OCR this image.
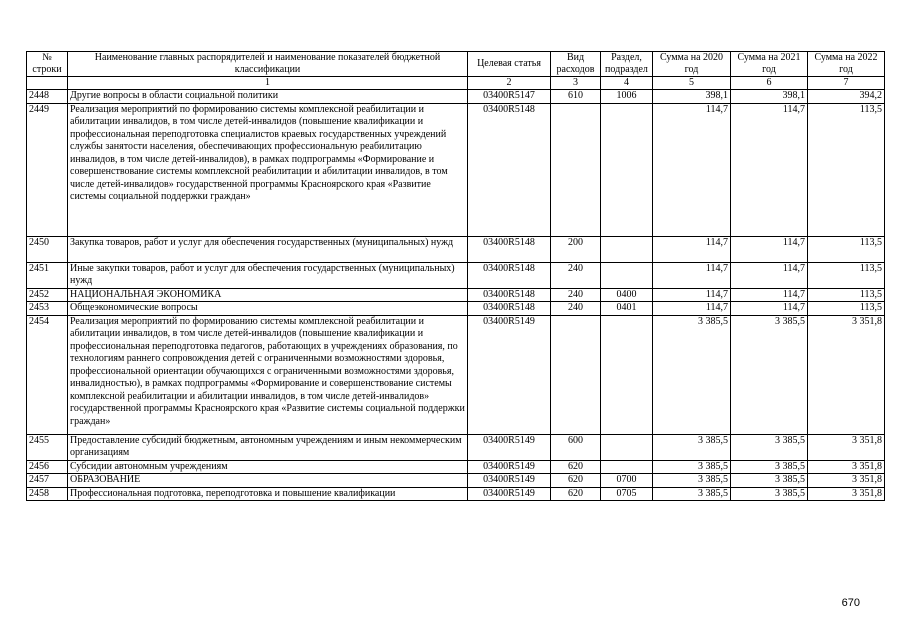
№ строки	Наименование главных распорядителей и наименование показателей бюджетной классификации	Целевая статья	Вид расходов	Раздел, подраздел	Сумма на 2020 год	Сумма на 2021 год	Сумма на 2022 год
	1	2	3	4	5	6	7
2448	Другие вопросы в области социальной политики	03400R5147	610	1006	398,1	398,1	394,2
2449	Реализация мероприятий по формированию системы комплексной реабилитации и абилитации инвалидов, в том числе детей-инвалидов (повышение квалификации и профессиональная переподготовка специалистов краевых государственных учреждений службы занятости населения, обеспечивающих профессиональную реабилитацию инвалидов, в том числе детей-инвалидов), в рамках подпрограммы «Формирование и совершенствование системы комплексной реабилитации и абилитации инвалидов, в том числе детей-инвалидов» государственной программы Красноярского края «Развитие системы социальной поддержки граждан»	03400R5148			114,7	114,7	113,5
2450	Закупка товаров, работ и услуг для обеспечения государственных (муниципальных) нужд	03400R5148	200		114,7	114,7	113,5
2451	Иные закупки товаров, работ и услуг для обеспечения государственных (муниципальных) нужд	03400R5148	240		114,7	114,7	113,5
2452	НАЦИОНАЛЬНАЯ ЭКОНОМИКА	03400R5148	240	0400	114,7	114,7	113,5
2453	Общеэкономические вопросы	03400R5148	240	0401	114,7	114,7	113,5
2454	Реализация мероприятий по формированию системы комплексной реабилитации и абилитации инвалидов, в том числе детей-инвалидов (повышение квалификации и профессиональная переподготовка педагогов, работающих в учреждениях образования, по технологиям раннего сопровождения детей с ограниченными возможностями здоровья, профессиональной ориентации обучающихся с ограниченными возможностями здоровья, инвалидностью), в рамках подпрограммы «Формирование и совершенствование системы комплексной реабилитации и абилитации инвалидов, в том числе детей-инвалидов» государственной программы Красноярского края «Развитие системы социальной поддержки граждан»	03400R5149			3 385,5	3 385,5	3 351,8
2455	Предоставление субсидий бюджетным, автономным учреждениям и иным некоммерческим организациям	03400R5149	600		3 385,5	3 385,5	3 351,8
2456	Субсидии автономным учреждениям	03400R5149	620		3 385,5	3 385,5	3 351,8
2457	ОБРАЗОВАНИЕ	03400R5149	620	0700	3 385,5	3 385,5	3 351,8
2458	Профессиональная подготовка, переподготовка и повышение квалификации	03400R5149	620	0705	3 385,5	3 385,5	3 351,8
670
